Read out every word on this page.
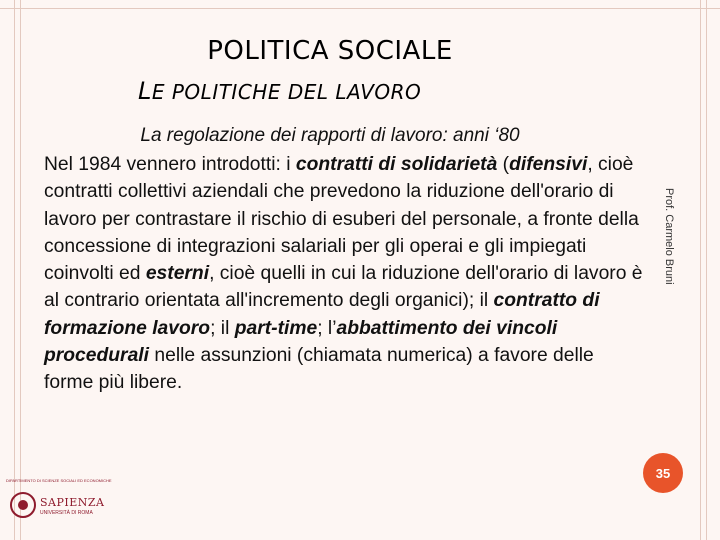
POLITICA SOCIALE
LE POLITICHE DEL LAVORO
La regolazione dei rapporti di lavoro: anni ‘80
Nel 1984 vennero introdotti: i contratti di solidarietà (difensivi, cioè contratti collettivi aziendali che prevedono la riduzione dell'orario di lavoro per contrastare il rischio di esuberi del personale, a fronte della concessione di integrazioni salariali per gli operai e gli impiegati coinvolti ed esterni, cioè quelli in cui la riduzione dell'orario di lavoro è al contrario orientata all'incremento degli organici); il contratto di formazione lavoro; il part-time; l’abbattimento dei vincoli procedurali nelle assunzioni (chiamata numerica) a favore delle forme più libere.
Prof. Carmelo Bruni
35
DIPARTIMENTO DI SCIENZE SOCIALI ED ECONOMICHE
SAPIENZA
UNIVERSITÀ DI ROMA
